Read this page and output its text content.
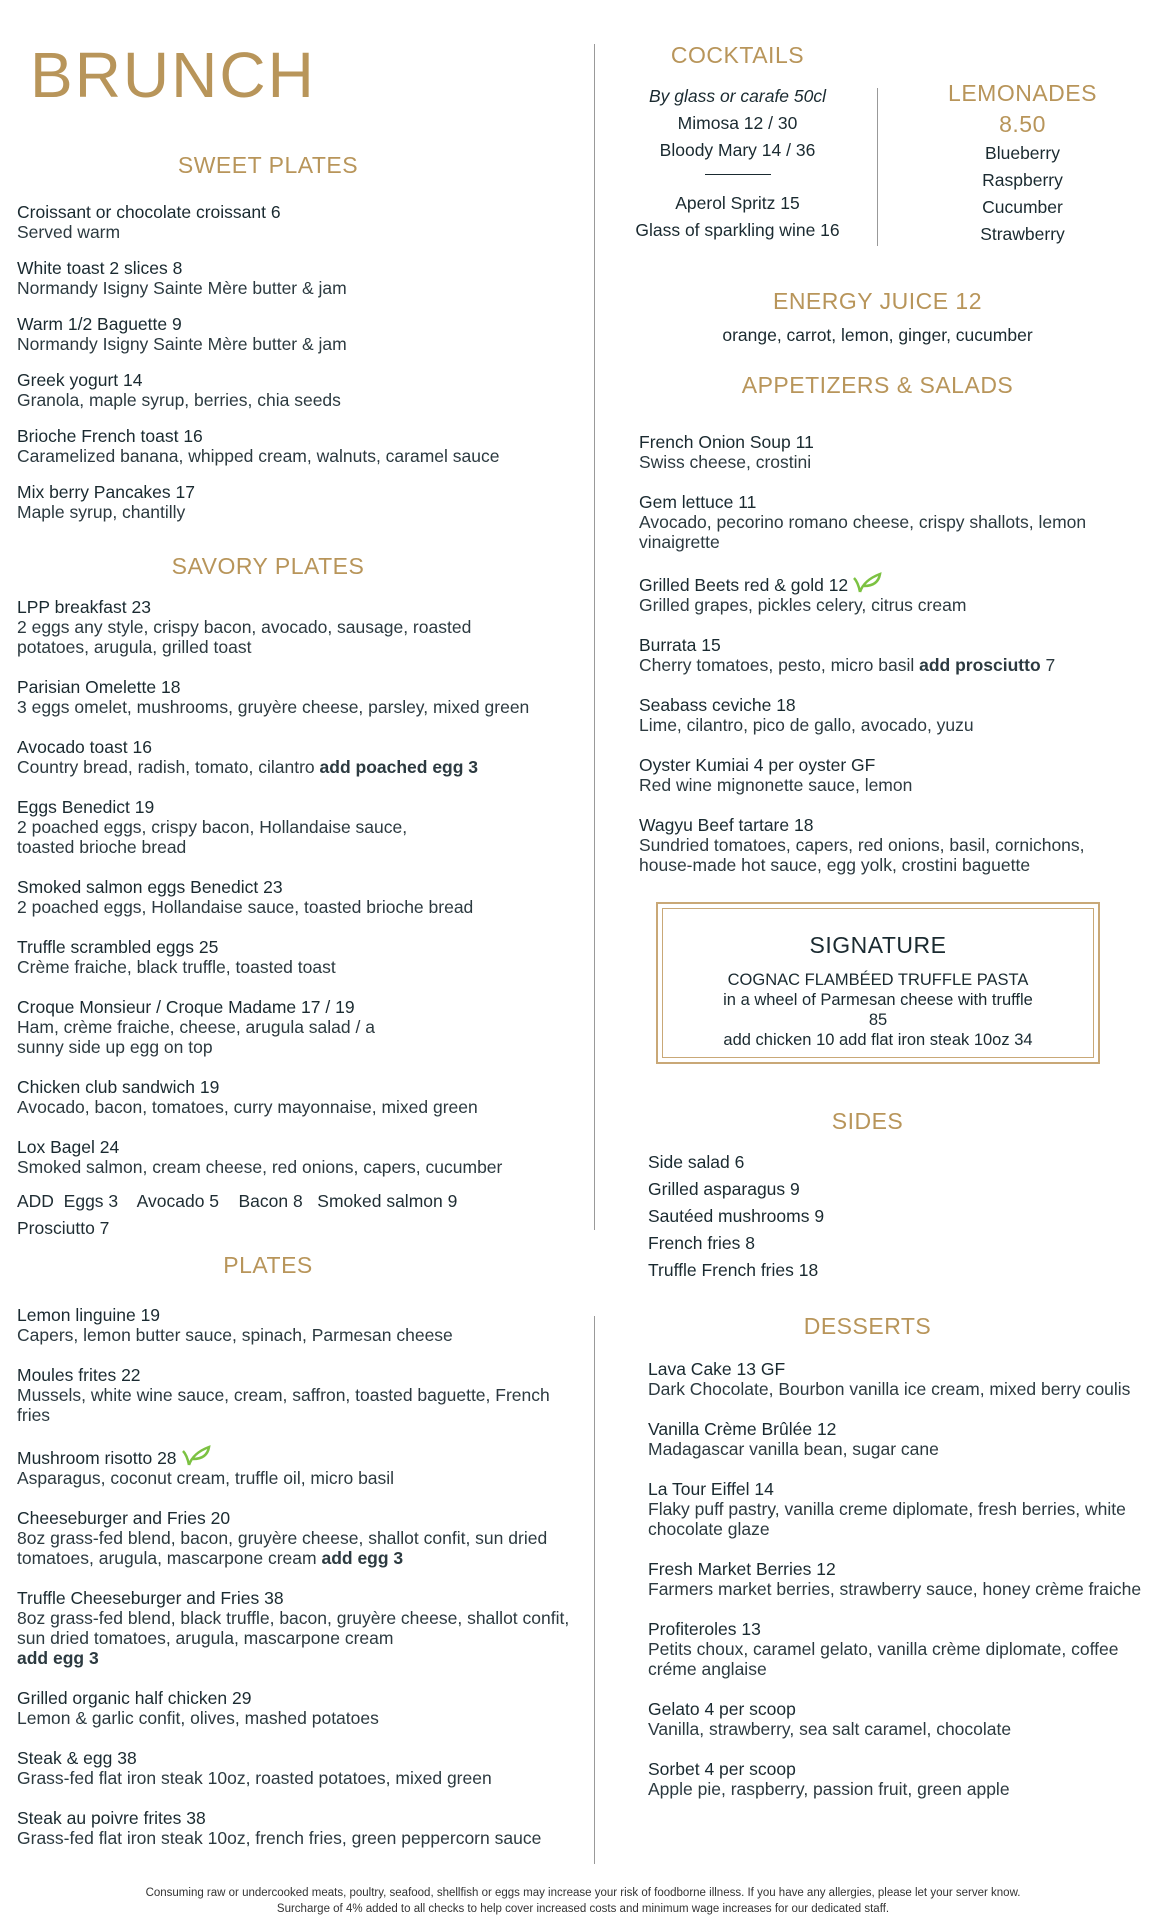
BRUNCH
SWEET PLATES
Croissant or chocolate croissant 6
Served warm
White toast 2 slices 8
Normandy Isigny Sainte Mère butter & jam
Warm 1/2 Baguette 9
Normandy Isigny Sainte Mère butter & jam
Greek yogurt 14
Granola, maple syrup, berries, chia seeds
Brioche French toast 16
Caramelized banana, whipped cream, walnuts, caramel sauce
Mix berry Pancakes 17
Maple syrup, chantilly
SAVORY PLATES
LPP breakfast 23
2 eggs any style, crispy bacon, avocado, sausage, roasted potatoes, arugula, grilled toast
Parisian Omelette 18
3 eggs omelet, mushrooms, gruyère cheese, parsley, mixed green
Avocado toast 16
Country bread, radish, tomato, cilantro add poached egg 3
Eggs Benedict 19
2 poached eggs, crispy bacon, Hollandaise sauce, toasted brioche bread
Smoked salmon eggs Benedict 23
2 poached eggs, Hollandaise sauce, toasted brioche bread
Truffle scrambled eggs 25
Crème fraiche, black truffle, toasted toast
Croque Monsieur / Croque Madame 17 / 19
Ham, crème fraiche, cheese, arugula salad / a sunny side up egg on top
Chicken club sandwich 19
Avocado, bacon, tomatoes, curry mayonnaise, mixed green
Lox Bagel 24
Smoked salmon, cream cheese, red onions, capers, cucumber
ADD  Eggs 3    Avocado 5    Bacon 8   Smoked salmon 9
Prosciutto 7
PLATES
Lemon linguine 19
Capers, lemon butter sauce, spinach, Parmesan cheese
Moules frites 22
Mussels, white wine sauce, cream, saffron, toasted baguette, French fries
Mushroom risotto 28
Asparagus, coconut cream, truffle oil, micro basil
Cheeseburger and Fries 20
8oz grass-fed blend, bacon, gruyère cheese, shallot confit, sun dried tomatoes, arugula, mascarpone cream add egg 3
Truffle Cheeseburger and Fries 38
8oz grass-fed blend, black truffle, bacon, gruyère cheese, shallot confit, sun dried tomatoes, arugula, mascarpone cream
add egg 3
Grilled organic half chicken 29
Lemon & garlic confit, olives, mashed potatoes
Steak & egg 38
Grass-fed flat iron steak 10oz, roasted potatoes, mixed green
Steak au poivre frites 38
Grass-fed flat iron steak 10oz, french fries, green peppercorn sauce
COCKTAILS
By glass or carafe 50cl
Mimosa 12 / 30
Bloody Mary 14 / 36
Aperol Spritz 15
Glass of sparkling wine 16
LEMONADES
8.50
Blueberry
Raspberry
Cucumber
Strawberry
ENERGY JUICE 12
orange, carrot, lemon, ginger, cucumber
APPETIZERS & SALADS
French Onion Soup 11
Swiss cheese, crostini
Gem lettuce 11
Avocado, pecorino romano cheese, crispy shallots, lemon vinaigrette
Grilled Beets red & gold 12
Grilled grapes, pickles celery, citrus cream
Burrata 15
Cherry tomatoes, pesto, micro basil add prosciutto 7
Seabass ceviche 18
Lime, cilantro, pico de gallo, avocado, yuzu
Oyster Kumiai 4 per oyster GF
Red wine mignonette sauce, lemon
Wagyu Beef tartare 18
Sundried tomatoes, capers, red onions, basil, cornichons, house-made hot sauce, egg yolk, crostini baguette
SIGNATURE
COGNAC FLAMBÉED TRUFFLE PASTA
in a wheel of Parmesan cheese with truffle
85
add chicken 10 add flat iron steak 10oz 34
SIDES
Side salad 6
Grilled asparagus 9
Sautéed mushrooms 9
French fries 8
Truffle French fries 18
DESSERTS
Lava Cake 13 GF
Dark Chocolate, Bourbon vanilla ice cream, mixed berry coulis
Vanilla Crème Brûlée 12
Madagascar vanilla bean, sugar cane
La Tour Eiffel 14
Flaky puff pastry, vanilla creme diplomate, fresh berries, white chocolate glaze
Fresh Market Berries 12
Farmers market berries, strawberry sauce, honey crème fraiche
Profiteroles 13
Petits choux, caramel gelato, vanilla crème diplomate, coffee créme anglaise
Gelato 4 per scoop
Vanilla, strawberry, sea salt caramel, chocolate
Sorbet 4 per scoop
Apple pie, raspberry, passion fruit, green apple
Consuming raw or undercooked meats, poultry, seafood, shellfish or eggs may increase your risk of foodborne illness. If you have any allergies, please let your server know.
Surcharge of 4% added to all checks to help cover increased costs and minimum wage increases for our dedicated staff.
